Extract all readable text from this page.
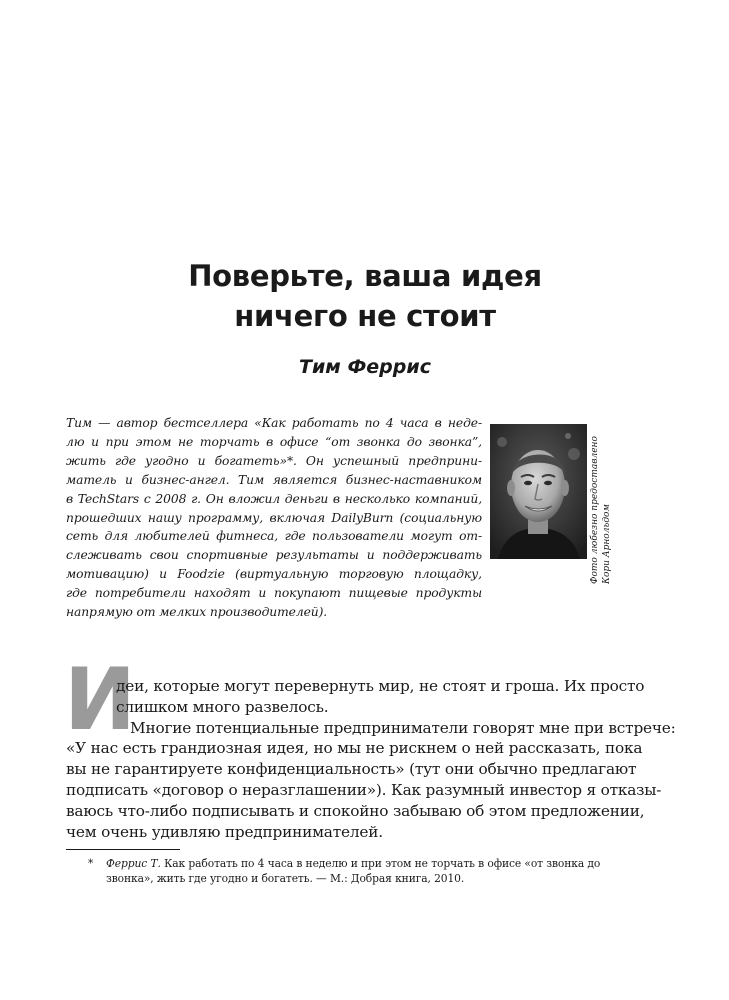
Поверьте, ваша идея
ничего не стоит
Тим Феррис
Тим — автор бестселлера «Как работать по 4 часа в неде-
лю и при этом не торчать в офисе “от звонка до звонка”,
жить где угодно и богатеть»*. Он успешный предприни-
матель и бизнес-ангел. Тим является бизнес-наставником
в TechStars с 2008 г. Он вложил деньги в несколько компаний,
прошедших нашу программу, включая DailyBurn (социальную
сеть для любителей фитнеса, где пользователи могут от-
слеживать свои спортивные результаты и поддерживать
мотивацию) и Foodzie (виртуальную торговую площадку,
где потребители находят и покупают пищевые продукты
напрямую от мелких производителей).
Фото любезно предоставлено Кори Арнольдом
И
деи, которые могут перевернуть мир, не стоят и гроша. Их просто
слишком много развелось.
Многие потенциальные предприниматели говорят мне при встрече:
«У нас есть грандиозная идея, но мы не рискнем о ней рассказать, пока
вы не гарантируете конфиденциальность» (тут они обычно предлагают
подписать «договор о неразглашении»). Как разумный инвестор я отказы-
ваюсь что-либо подписывать и спокойно забываю об этом предложении,
чем очень удивляю предпринимателей.
*	Феррис Т. Как работать по 4 часа в неделю и при этом не торчать в офисе «от звонка до
звонка», жить где угодно и богатеть. — М.: Добрая книга, 2010.
